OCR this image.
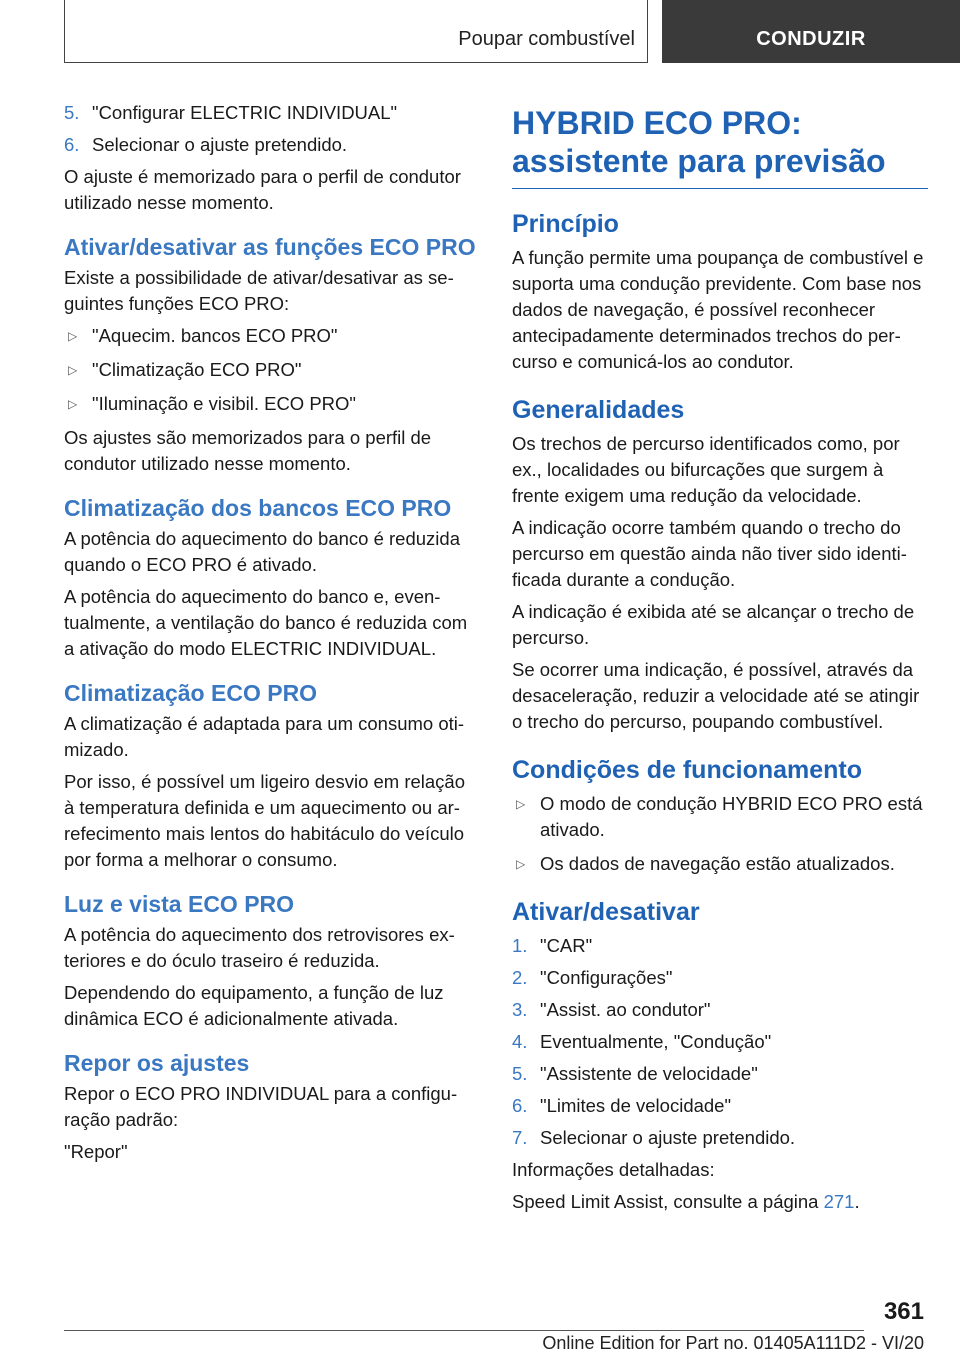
Poupar combustível	CONDUZIR
5. "Configurar ELECTRIC INDIVIDUAL"
6. Selecionar o ajuste pretendido.

O ajuste é memorizado para o perfil de condutor utilizado nesse momento.

Ativar/desativar as funções ECO PRO

Existe a possibilidade de ativar/desativar as se-guintes funções ECO PRO:

▷ "Aquecim. bancos ECO PRO"
▷ "Climatização ECO PRO"
▷ "Iluminação e visibil. ECO PRO"

Os ajustes são memorizados para o perfil de condutor utilizado nesse momento.

Climatização dos bancos ECO PRO

A potência do aquecimento do banco é reduzida quando o ECO PRO é ativado.

A potência do aquecimento do banco e, even-tualmente, a ventilação do banco é reduzida com a ativação do modo ELECTRIC INDIVIDUAL.

Climatização ECO PRO

A climatização é adaptada para um consumo oti-mizado.

Por isso, é possível um ligeiro desvio em relação à temperatura definida e um aquecimento ou ar-refecimento mais lentos do habitáculo do veículo por forma a melhorar o consumo.

Luz e vista ECO PRO

A potência do aquecimento dos retrovisores ex-teriores e do óculo traseiro é reduzida.

Dependendo do equipamento, a função de luz dinâmica ECO é adicionalmente ativada.

Repor os ajustes

Repor o ECO PRO INDIVIDUAL para a configu-ração padrão:

"Repor"

HYBRID ECO PRO: assistente para previsão
Princípio

A função permite uma poupança de combustível e suporta uma condução previdente. Com base nos dados de navegação, é possível reconhecer antecipadamente determinados trechos do per-curso e comunicá-los ao condutor.

Generalidades

Os trechos de percurso identificados como, por ex., localidades ou bifurcações que surgem à frente exigem uma redução da velocidade.

A indicação ocorre também quando o trecho do percurso em questão ainda não tiver sido identi-ficada durante a condução.

A indicação é exibida até se alcançar o trecho de percurso.

Se ocorrer uma indicação, é possível, através da desaceleração, reduzir a velocidade até se atingir o trecho do percurso, poupando combustível.

Condições de funcionamento
▷ O modo de condução HYBRID ECO PRO está ativado.
▷ Os dados de navegação estão atualizados.
Ativar/desativar
1. "CAR"
2. "Configurações"
3. "Assist. ao condutor"
4. Eventualmente, "Condução"
5. "Assistente de velocidade"
6. "Limites de velocidade"
7. Selecionar o ajuste pretendido.

Informações detalhadas:

Speed Limit Assist, consulte a página 271.

361
Online Edition for Part no. 01405A111D2 - VI/20
